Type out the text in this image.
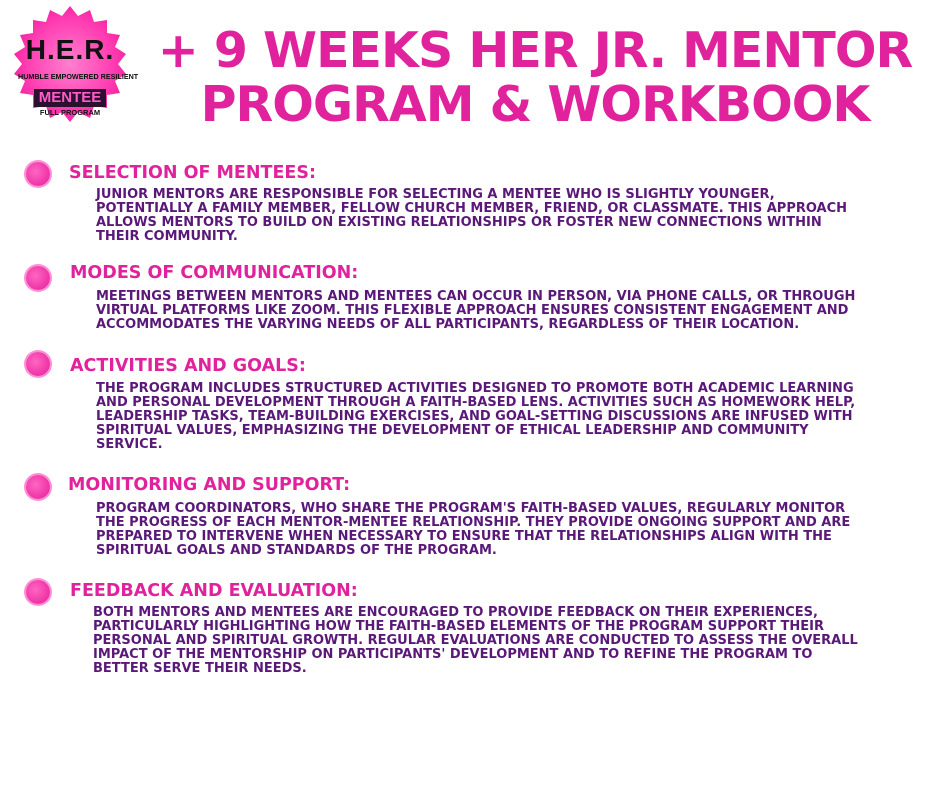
H.E.R.
HUMBLE EMPOWERED RESILIENT
MENTEE
FULL PROGRAM
+ 9 WEEKS HER JR. MENTOR
PROGRAM & WORKBOOK
SELECTION OF MENTEES:

JUNIOR MENTORS ARE RESPONSIBLE FOR SELECTING A MENTEE WHO IS SLIGHTLY YOUNGER, POTENTIALLY A FAMILY MEMBER, FELLOW CHURCH MEMBER, FRIEND, OR CLASSMATE. THIS APPROACH ALLOWS MENTORS TO BUILD ON EXISTING RELATIONSHIPS OR FOSTER NEW CONNECTIONS WITHIN THEIR COMMUNITY.

MODES OF COMMUNICATION:

MEETINGS BETWEEN MENTORS AND MENTEES CAN OCCUR IN PERSON, VIA PHONE CALLS, OR THROUGH VIRTUAL PLATFORMS LIKE ZOOM. THIS FLEXIBLE APPROACH ENSURES CONSISTENT ENGAGEMENT AND ACCOMMODATES THE VARYING NEEDS OF ALL PARTICIPANTS, REGARDLESS OF THEIR LOCATION.

ACTIVITIES AND GOALS:

THE PROGRAM INCLUDES STRUCTURED ACTIVITIES DESIGNED TO PROMOTE BOTH ACADEMIC LEARNING AND PERSONAL DEVELOPMENT THROUGH A FAITH-BASED LENS. ACTIVITIES SUCH AS HOMEWORK HELP, LEADERSHIP TASKS, TEAM-BUILDING EXERCISES, AND GOAL-SETTING DISCUSSIONS ARE INFUSED WITH SPIRITUAL VALUES, EMPHASIZING THE DEVELOPMENT OF ETHICAL LEADERSHIP AND COMMUNITY SERVICE.

MONITORING AND SUPPORT:

PROGRAM COORDINATORS, WHO SHARE THE PROGRAM'S FAITH-BASED VALUES, REGULARLY MONITOR THE PROGRESS OF EACH MENTOR-MENTEE RELATIONSHIP. THEY PROVIDE ONGOING SUPPORT AND ARE PREPARED TO INTERVENE WHEN NECESSARY TO ENSURE THAT THE RELATIONSHIPS ALIGN WITH THE SPIRITUAL GOALS AND STANDARDS OF THE PROGRAM.

FEEDBACK AND EVALUATION:

BOTH MENTORS AND MENTEES ARE ENCOURAGED TO PROVIDE FEEDBACK ON THEIR EXPERIENCES, PARTICULARLY HIGHLIGHTING HOW THE FAITH-BASED ELEMENTS OF THE PROGRAM SUPPORT THEIR PERSONAL AND SPIRITUAL GROWTH. REGULAR EVALUATIONS ARE CONDUCTED TO ASSESS THE OVERALL IMPACT OF THE MENTORSHIP ON PARTICIPANTS' DEVELOPMENT AND TO REFINE THE PROGRAM TO BETTER SERVE THEIR NEEDS.
